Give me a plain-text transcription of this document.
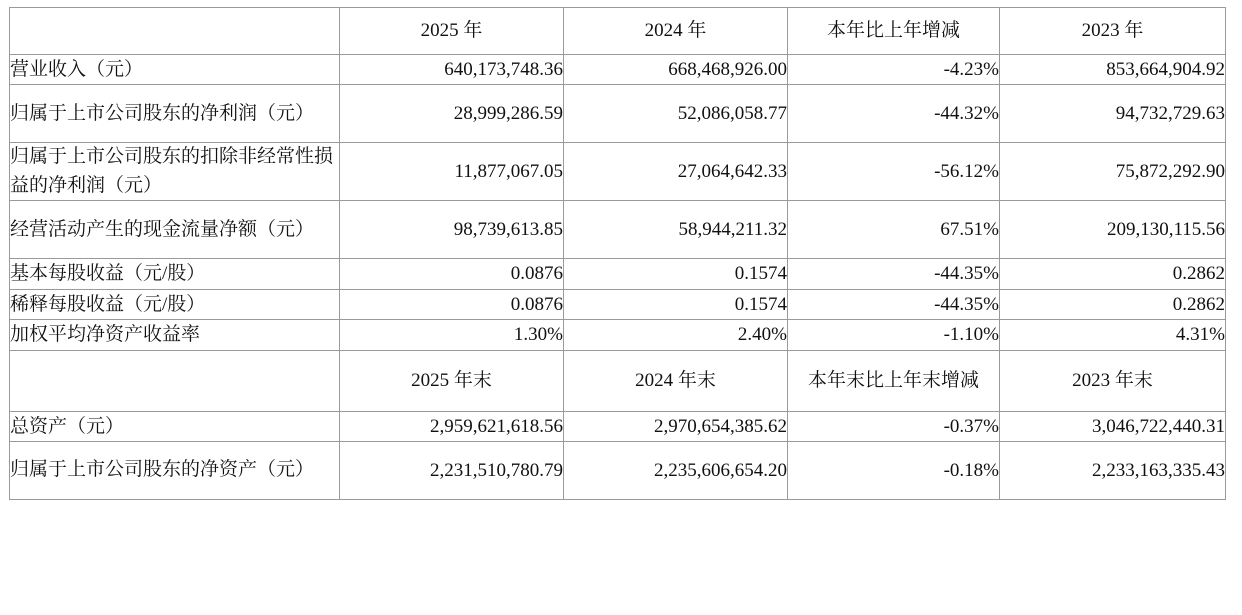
	2025 年	2024 年	本年比上年增减	2023 年
营业收入（元）	640,173,748.36	668,468,926.00	-4.23%	853,664,904.92
归属于上市公司股东的净利润（元）	28,999,286.59	52,086,058.77	-44.32%	94,732,729.63
归属于上市公司股东的扣除非经常性损益的净利润（元）	11,877,067.05	27,064,642.33	-56.12%	75,872,292.90
经营活动产生的现金流量净额（元）	98,739,613.85	58,944,211.32	67.51%	209,130,115.56
基本每股收益（元/股）	0.0876	0.1574	-44.35%	0.2862
稀释每股收益（元/股）	0.0876	0.1574	-44.35%	0.2862
加权平均净资产收益率	1.30%	2.40%	-1.10%	4.31%
	2025 年末	2024 年末	本年末比上年末增减	2023 年末
总资产（元）	2,959,621,618.56	2,970,654,385.62	-0.37%	3,046,722,440.31
归属于上市公司股东的净资产（元）	2,231,510,780.79	2,235,606,654.20	-0.18%	2,233,163,335.43
